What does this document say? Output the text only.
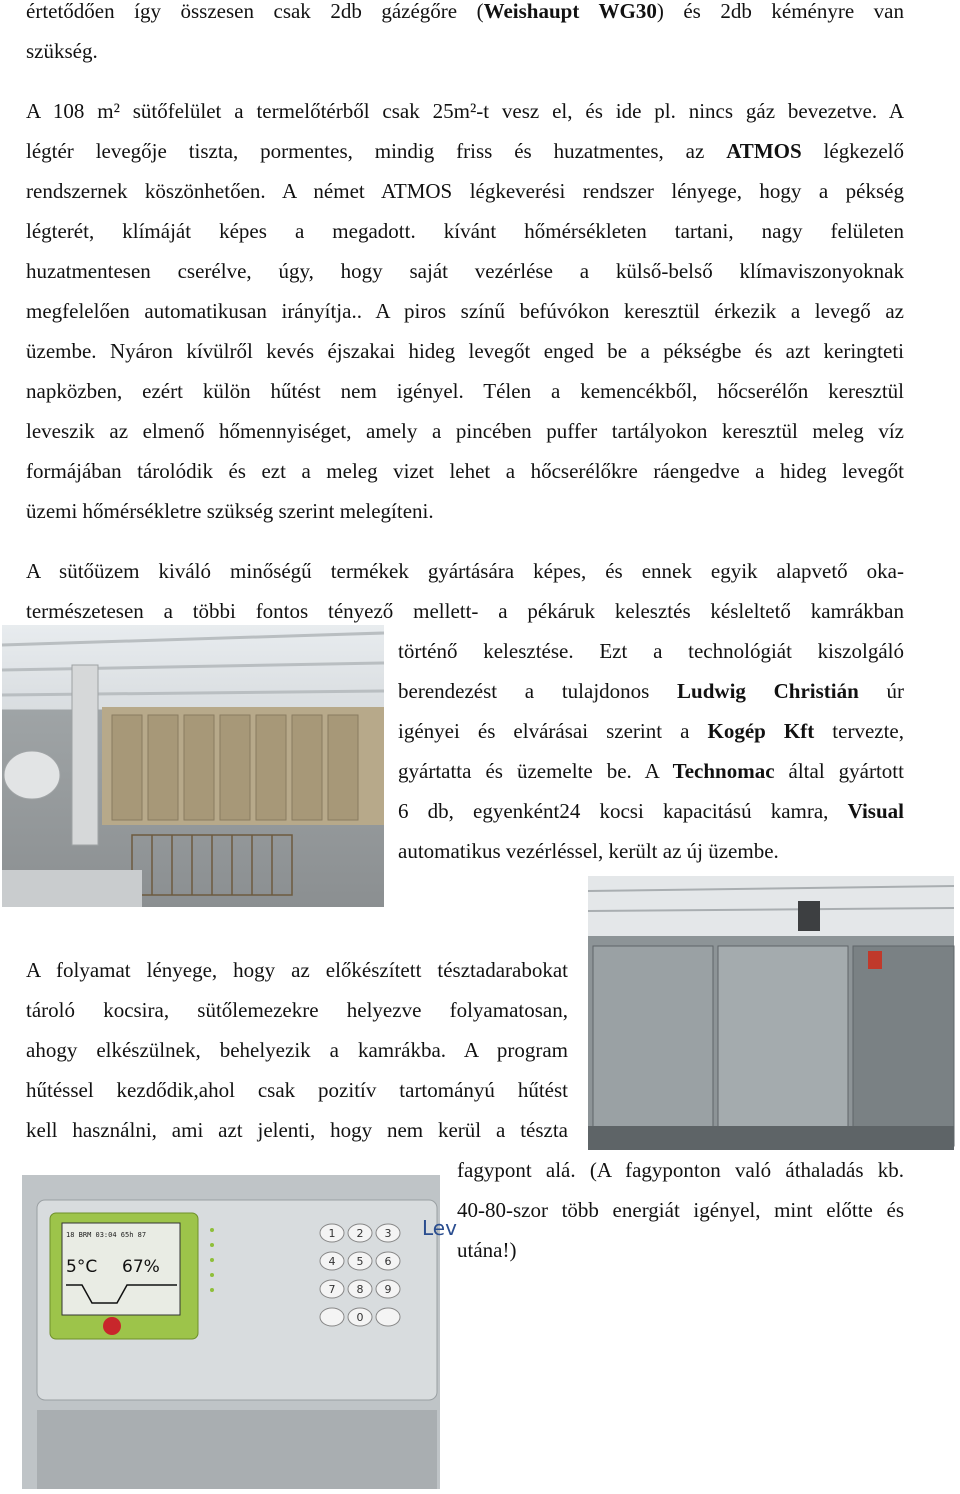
értetődően így összesen csak 2db gázégőre (Weishaupt WG30) és 2db kéményre van
szükség.
A 108 m² sütőfelület a termelőtérből csak 25m²-t vesz el, és ide pl. nincs gáz bevezetve. A
légtér levegője tiszta, pormentes, mindig friss és huzatmentes, az ATMOS légkezelő
rendszernek köszönhetően. A német ATMOS légkeverési rendszer lényege, hogy a pékség
légterét, klímáját képes a megadott. kívánt hőmérsékleten tartani, nagy felületen
huzatmentesen cserélve, úgy, hogy saját vezérlése a külső-belső klímaviszonyoknak
megfelelően automatikusan irányítja.. A piros színű befúvókon keresztül érkezik a levegő az
üzembe. Nyáron kívülről kevés éjszakai hideg levegőt enged be a pékségbe és azt keringteti
napközben, ezért külön hűtést nem igényel. Télen a kemencékből, hőcserélőn keresztül
leveszik az elmenő hőmennyiséget, amely a pincében puffer tartályokon keresztül meleg víz
formájában tárolódik és ezt a meleg vizet lehet a hőcserélőkre ráengedve a hideg levegőt
üzemi hőmérsékletre szükség szerint melegíteni.
A sütőüzem kiváló minőségű termékek gyártására képes, és ennek egyik alapvető oka-
természetesen a többi fontos tényező mellett- a pékáruk kelesztés késleltető kamrákban
történő kelesztése. Ezt a technológiát kiszolgáló
berendezést a tulajdonos Ludwig Christián úr
igényei és elvárásai szerint a Kogép Kft tervezte,
gyártatta és üzemelte be. A Technomac által gyártott
6 db, egyenként24 kocsi kapacitású kamra, Visual
automatikus vezérléssel, került az új üzembe.
A folyamat lényege, hogy az előkészített tésztadarabokat
tároló kocsira, sütőlemezekre helyezve folyamatosan,
ahogy elkészülnek, behelyezik a kamrákba. A program
hűtéssel kezdődik,ahol csak pozitív tartományú hűtést
kell használni, ami azt jelenti, hogy nem kerül a tészta
fagypont alá. (A fagyponton való áthaladás kb.
40-80-szor több energiát igényel, mint előtte és
utána!)
18 BRM 03:04 65h 87
5°C 67%
1 2 3
4 5 6
7 8 9
0
Lev
